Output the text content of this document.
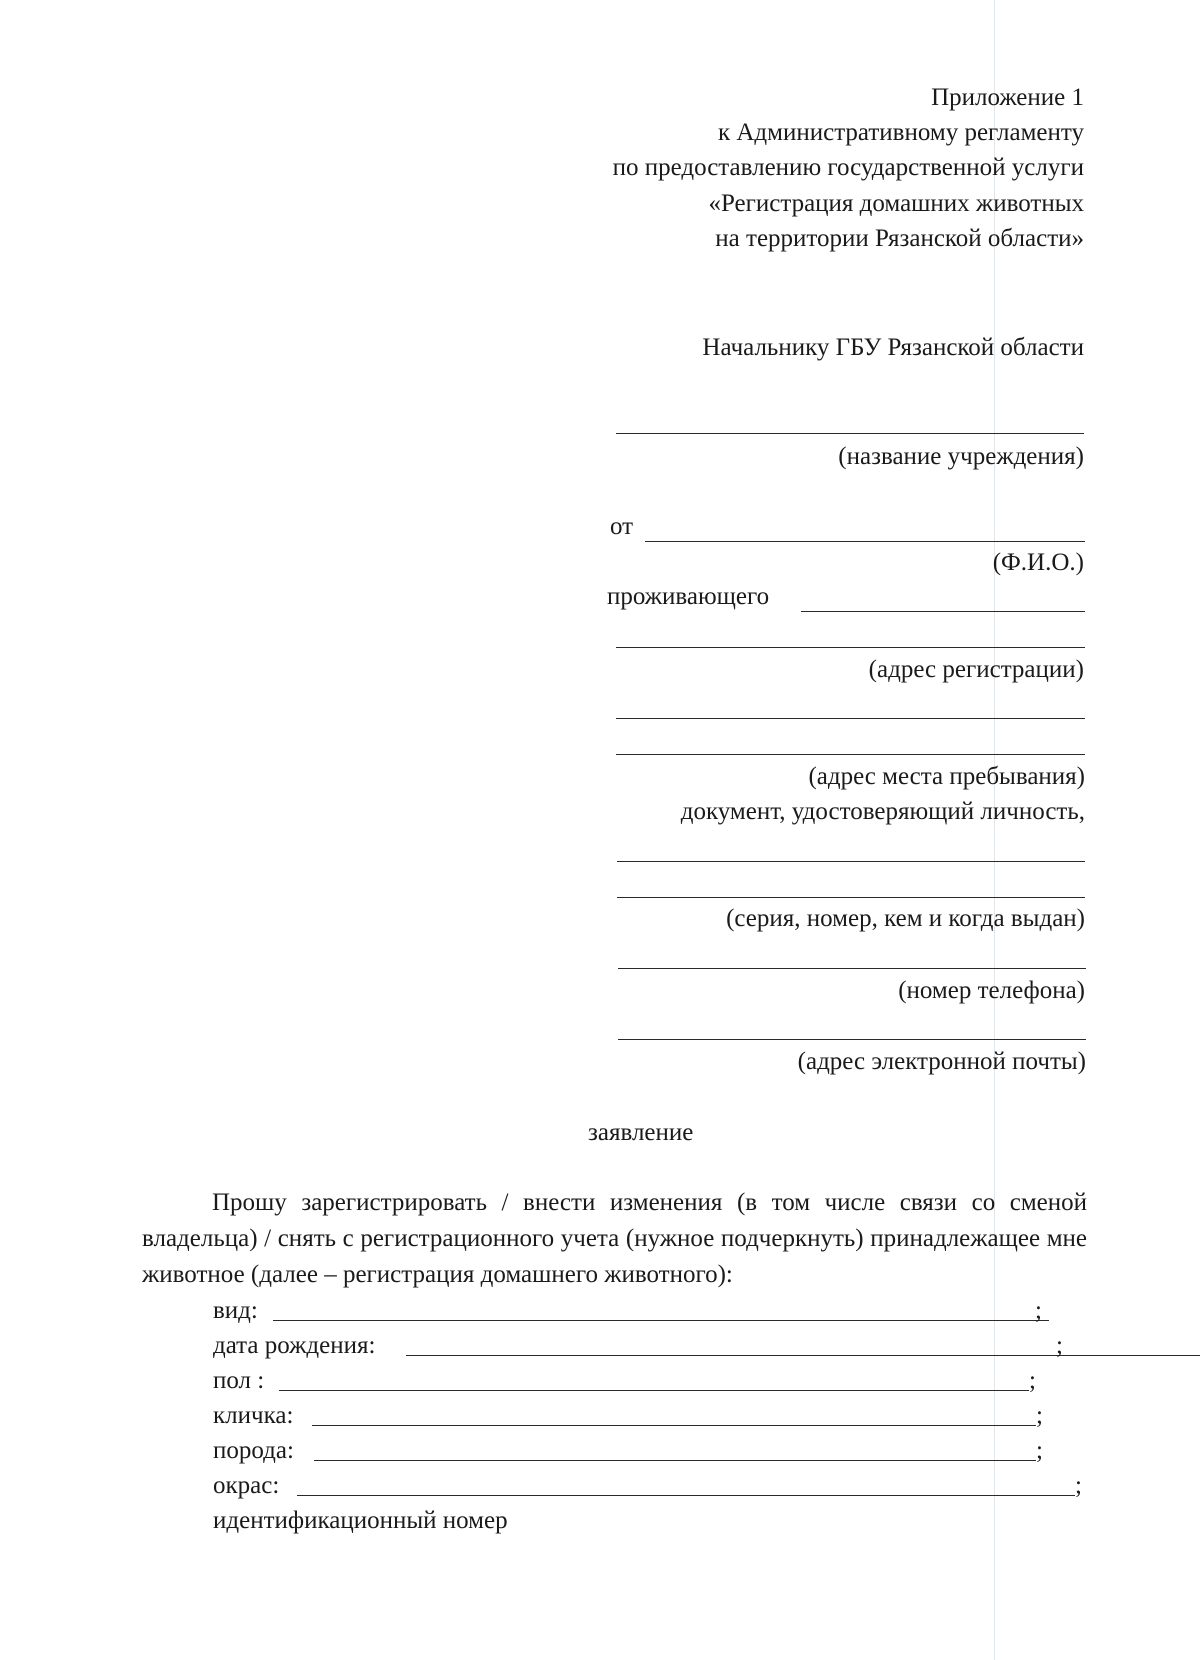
Приложение 1
к Административному регламенту
по предоставлению государственной услуги
«Регистрация домашних животных
на территории Рязанской области»
Начальнику ГБУ Рязанской области
(название учреждения)
от
(Ф.И.О.)
проживающего
(адрес регистрации)
(адрес места пребывания)
документ, удостоверяющий личность,
(серия, номер, кем и когда выдан)
(номер телефона)
(адрес электронной почты)
заявление
Прошу зарегистрировать / внести изменения (в том числе связи со сменой владельца) / снять с регистрационного учета (нужное подчеркнуть) принадлежащее мне животное (далее – регистрация домашнего животного):
вид:	;
дата рождения:	;
пол :	;
кличка:	;
порода:	;
окрас:	;
идентификационный номер
